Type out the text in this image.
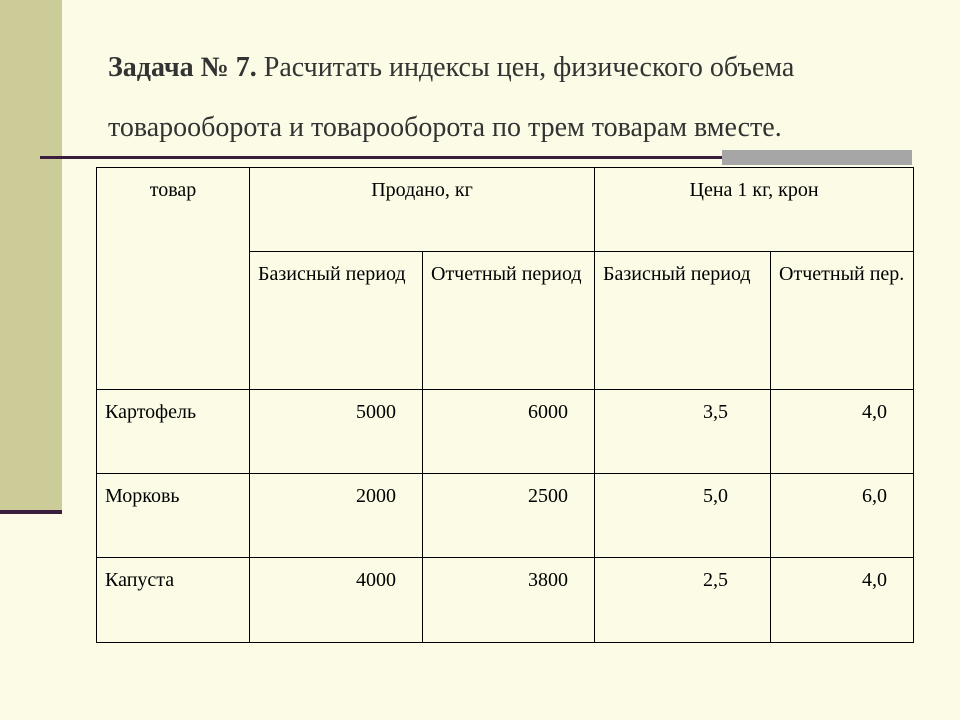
Задача № 7. Расчитать индексы цен, физического объема товарооборота и товарооборота по трем товарам вместе.
товар	Продано, кг		Цена 1 кг, крон	
	Базисный период	Отчетный период	Базисный период	Отчетный пер.
Картофель	5000	6000	3,5	4,0
Морковь	2000	2500	5,0	6,0
Капуста	4000	3800	2,5	4,0
